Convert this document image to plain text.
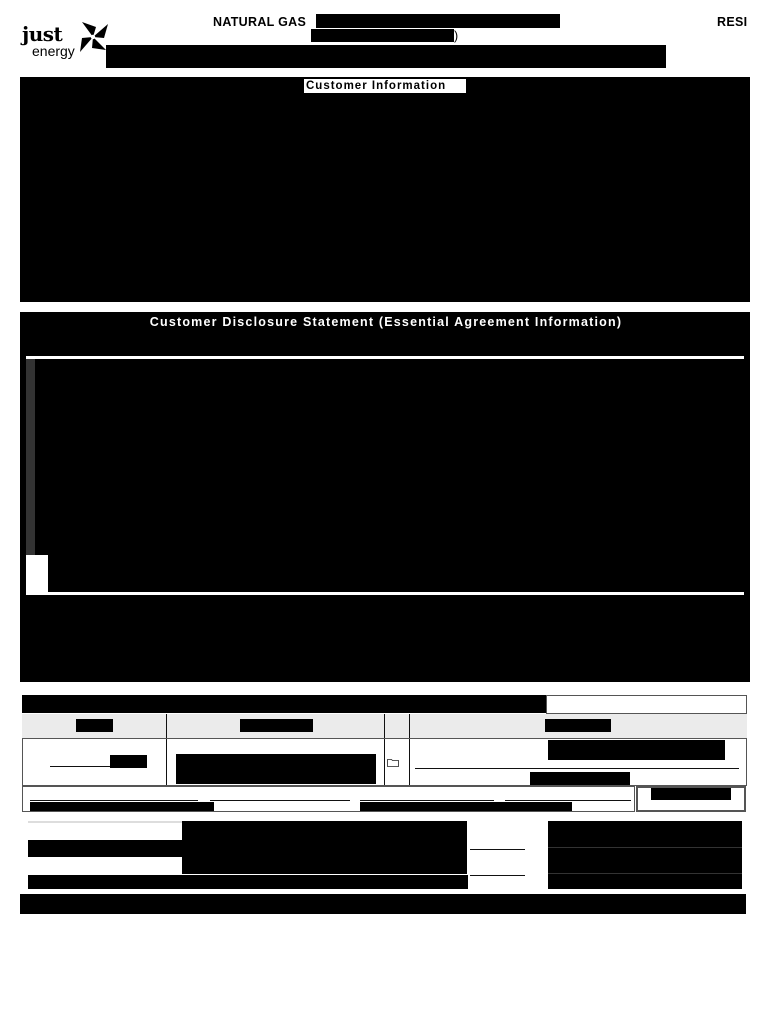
just
energy
NATURAL GAS
)
RESI
Customer Information
Customer Disclosure Statement (Essential Agreement Information)
